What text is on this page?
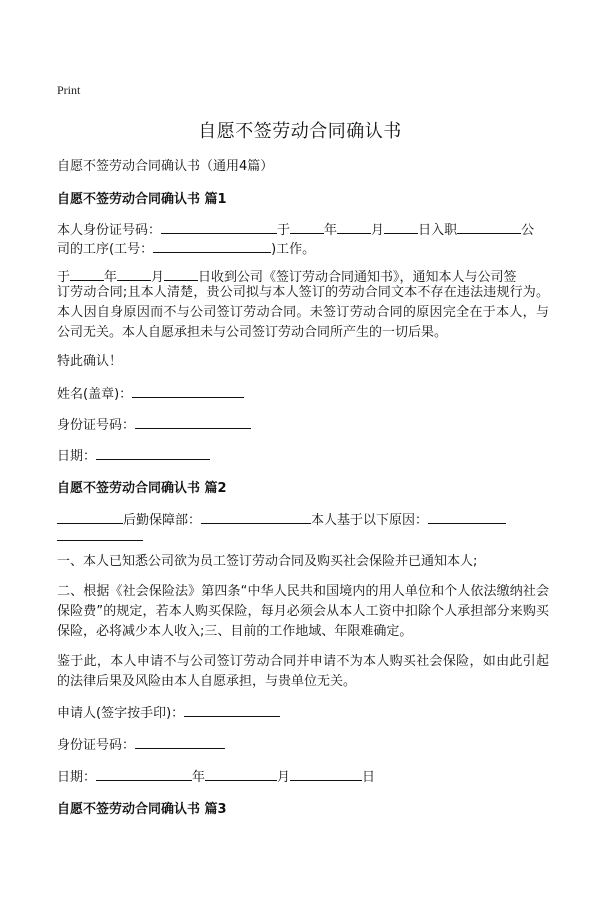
Print
自愿不签劳动合同确认书
自愿不签劳动合同确认书（通用4篇）
自愿不签劳动合同确认书 篇1
本人身份证号码：	于	年	月	日入职	公
司的工序(工号：	)工作。
于	年	月	日收到公司《签订劳动合同通知书》，通知本人与公司签
订劳动合同;且本人清楚，贵公司拟与本人签订的劳动合同文本不存在违法违规行为。本人因自身原因而不与公司签订劳动合同。未签订劳动合同的原因完全在于本人，与公司无关。本人自愿承担未与公司签订劳动合同所产生的一切后果。
特此确认！
姓名(盖章)：
身份证号码：
日期：
自愿不签劳动合同确认书 篇2
后勤保障部：	本人基于以下原因：
一、本人已知悉公司欲为员工签订劳动合同及购买社会保险并已通知本人;
二、根据《社会保险法》第四条“中华人民共和国境内的用人单位和个人依法缴纳社会保险费”的规定，若本人购买保险，每月必须会从本人工资中扣除个人承担部分来购买保险，必将减少本人收入;三、目前的工作地域、年限难确定。
鉴于此，本人申请不与公司签订劳动合同并申请不为本人购买社会保险，如由此引起的法律后果及风险由本人自愿承担，与贵单位无关。
申请人(签字按手印)：
身份证号码：
日期：	年	月	日
自愿不签劳动合同确认书 篇3
